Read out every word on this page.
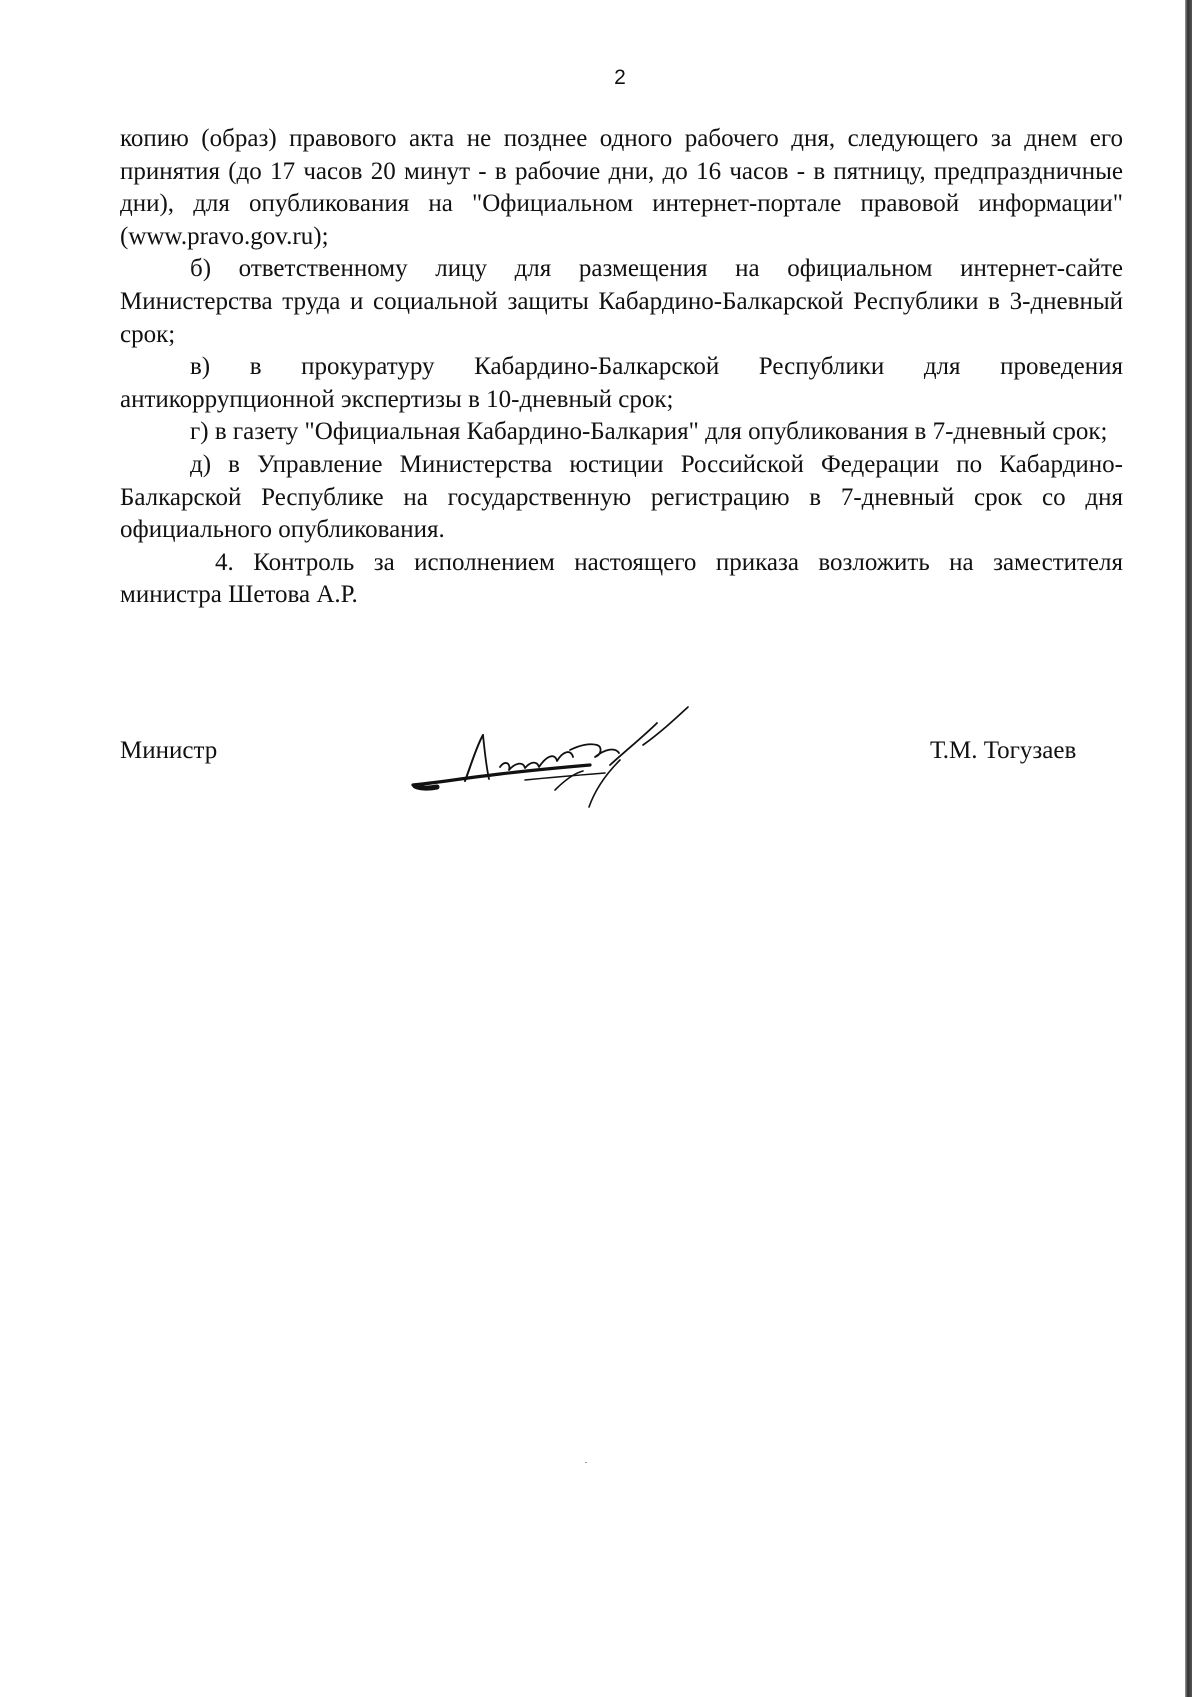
2

копию (образ) правового акта не позднее одного рабочего дня, следующего за днем его принятия (до 17 часов 20 минут - в рабочие дни, до 16 часов - в пятницу, предпраздничные дни), для опубликования на "Официальном интернет-портале правовой информации" (www.pravo.gov.ru);

б) ответственному лицу для размещения на официальном интернет-сайте Министерства труда и социальной защиты Кабардино-Балкарской Республики в 3-дневный срок;

в) в прокуратуру Кабардино-Балкарской Республики для проведения антикоррупционной экспертизы в 10-дневный срок;

г) в газету "Официальная Кабардино-Балкария" для опубликования в 7-дневный срок;

д) в Управление Министерства юстиции Российской Федерации по Кабардино-Балкарской Республике на государственную регистрацию в 7-дневный срок со дня официального опубликования.

4. Контроль за исполнением настоящего приказа возложить на заместителя министра Шетова А.Р.

Министр	Т.М. Тогузаев
